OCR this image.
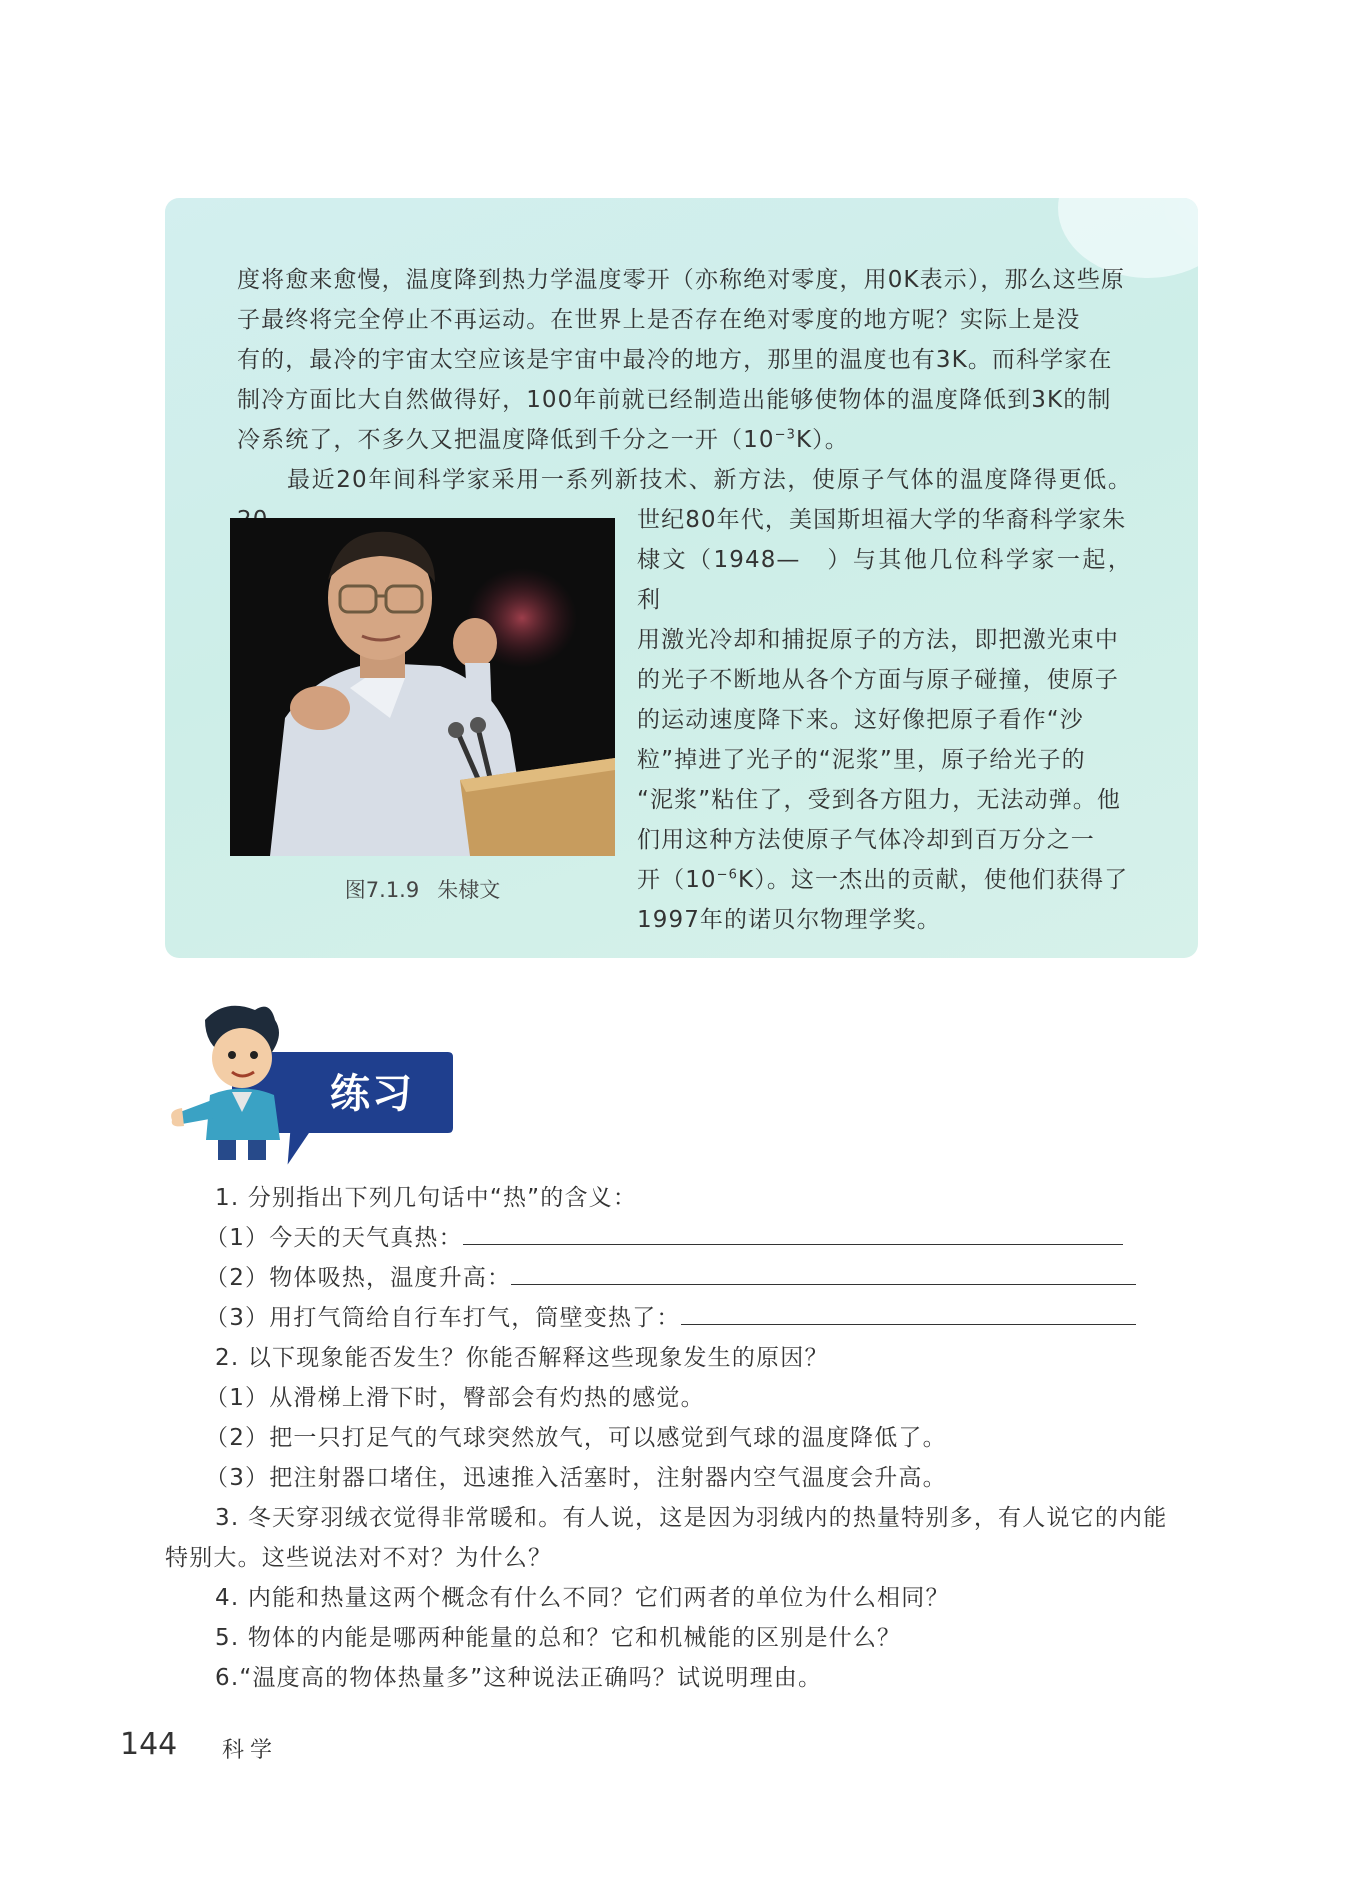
度将愈来愈慢，温度降到热力学温度零开（亦称绝对零度，用0K表示），那么这些原
子最终将完全停止不再运动。在世界上是否存在绝对零度的地方呢？实际上是没
有的，最冷的宇宙太空应该是宇宙中最冷的地方，那里的温度也有3K。而科学家在
制冷方面比大自然做得好，100年前就已经制造出能够使物体的温度降低到3K的制
冷系统了，不多久又把温度降低到千分之一开$(10^{-3}K)$。
最近20年间科学家采用一系列新技术、新方法，使原子气体的温度降得更低。
图7.1.9 朱棣文
世纪80年代，美国斯坦福大学的华裔科学家朱
棣文（1948—　）与其他几位科学家一起，利
用激光冷却和捕捉原子的方法，即把激光束中
的光子不断地从各个方面与原子碰撞，使原子
的运动速度降下来。这好像把原子看作“沙
粒”掉进了光子的“泥浆”里，原子给光子的
“泥浆”粘住了，受到各方阻力，无法动弹。他
们用这种方法使原子气体冷却到百万分之一
开$(10^{-6}K)$。这一杰出的贡献，使他们获得了
1997年的诺贝尔物理学奖。
练习
1. 分别指出下列几句话中“热”的含义：
（1）今天的天气真热：
（2）物体吸热，温度升高：
（3）用打气筒给自行车打气，筒壁变热了：
2. 以下现象能否发生？你能否解释这些现象发生的原因？
（1）从滑梯上滑下时，臀部会有灼热的感觉。
（2）把一只打足气的气球突然放气，可以感觉到气球的温度降低了。
（3）把注射器口堵住，迅速推入活塞时，注射器内空气温度会升高。
3. 冬天穿羽绒衣觉得非常暖和。有人说，这是因为羽绒内的热量特别多，有人说它的内能
特别大。这些说法对不对？为什么？
4. 内能和热量这两个概念有什么不同？它们两者的单位为什么相同？
5. 物体的内能是哪两种能量的总和？它和机械能的区别是什么？
6.“温度高的物体热量多”这种说法正确吗？试说明理由。
144 科学
